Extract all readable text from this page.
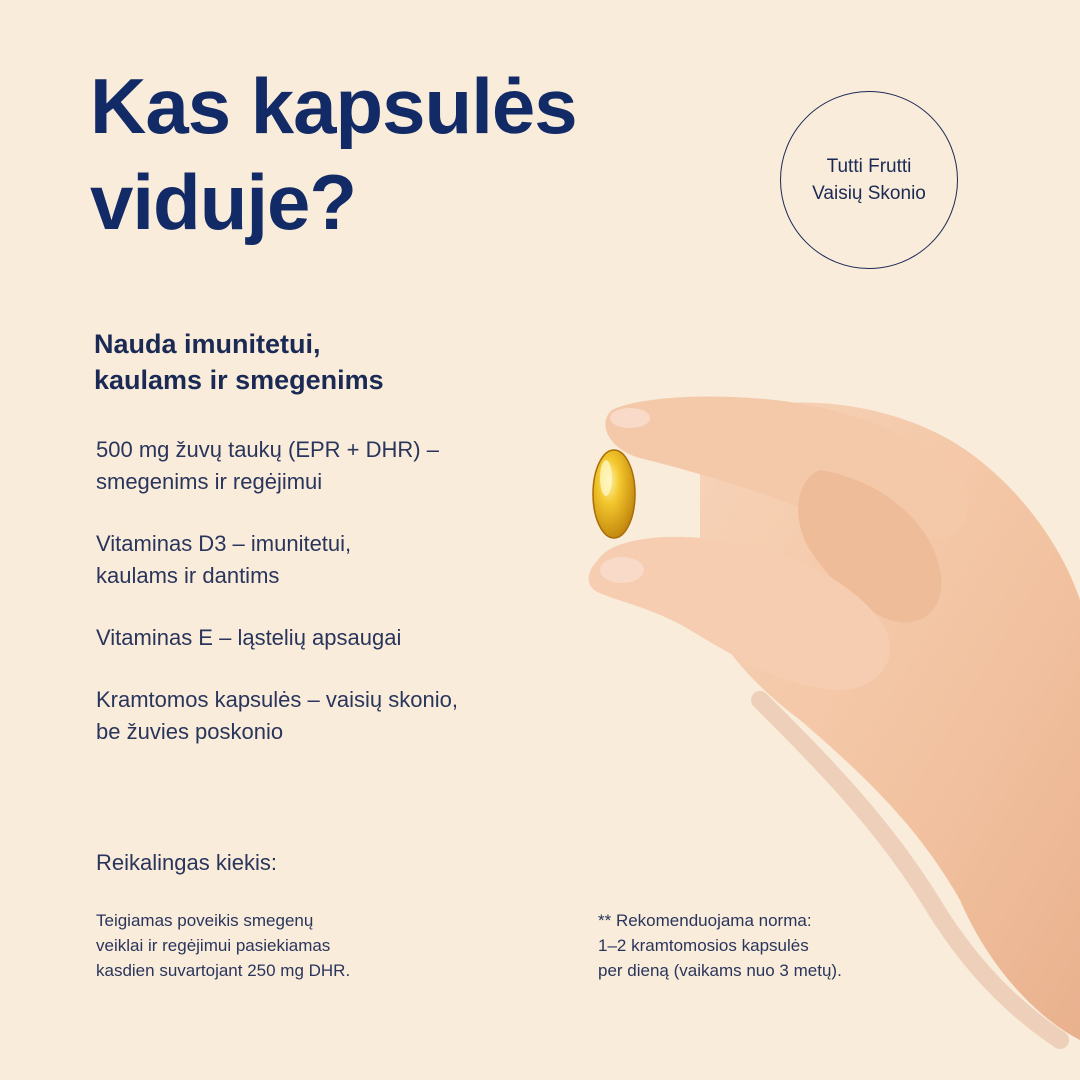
Kas kapsulės
viduje?	Tutti Frutti
Vaisių Skonio
Nauda imunitetui,
kaulams ir smegenims
500 mg žuvų taukų (EPR + DHR) –
smegenims ir regėjimui
Vitaminas D3 – imunitetui,
kaulams ir dantims
Vitaminas E – ląstelių apsaugai
Kramtomos kapsulės – vaisių skonio,
be žuvies poskonio
Reikalingas kiekis:
Teigiamas poveikis smegenų
veiklai ir regėjimui pasiekiamas
kasdien suvartojant 250 mg DHR.
** Rekomenduojama norma:
1–2 kramtomosios kapsulės
per dieną (vaikams nuo 3 metų).
